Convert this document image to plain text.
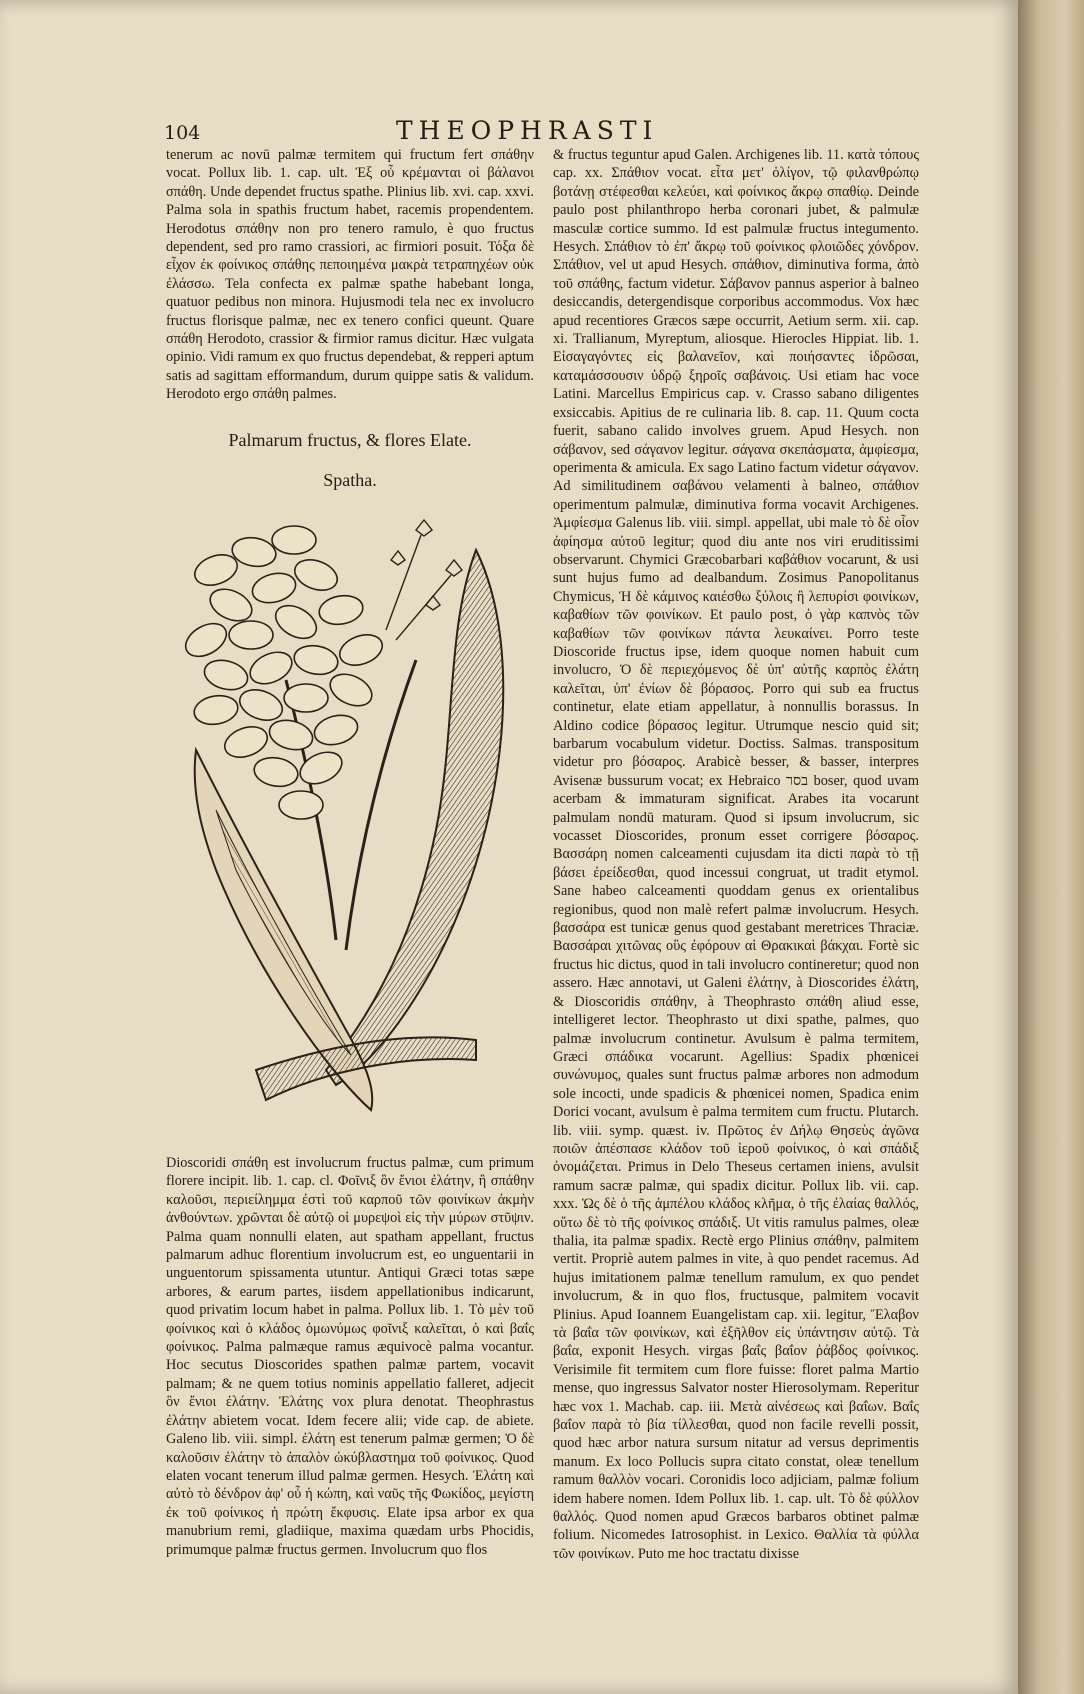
104	THEOPHRASTI

tenerum ac novū palmæ termitem qui fructum fert σπάθην vocat. Pollux lib. 1. cap. ult. Ἐξ οὗ κρέμανται οἱ βάλανοι σπάθη. Unde dependet fructus spathe. Plinius lib. xvi. cap. xxvi. Palma sola in spathis fructum habet, racemis propendentem. Herodotus σπάθην non pro tenero ramulo, è quo fructus dependent, sed pro ramo crassiori, ac firmiori posuit. Τόξα δὲ εἶχον ἐκ φοίνικος σπάθης πεποιημένα μακρὰ τετραπηχέων οὐκ ἐλάσσω. Tela confecta ex palmæ spathe habebant longa, quatuor pedibus non minora. Hujusmodi tela nec ex involucro fructus florisque palmæ, nec ex tenero confici queunt. Quare σπάθη Herodoto, crassior & firmior ramus dicitur. Hæc vulgata opinio. Vidi ramum ex quo fructus dependebat, & repperi aptum satis ad sagittam efformandum, durum quippe satis & validum. Herodoto ergo σπάθη palmes.

Palmarum fructus, & flores Elate.
Spatha.

Dioscoridi σπάθη est involucrum fructus palmæ, cum primum florere incipit. lib. 1. cap. cl. Φοῖνιξ ὃν ἔνιοι ἐλάτην, ἢ σπάθην καλοῦσι, περιείλημμα ἐστὶ τοῦ καρποῦ τῶν φοινίκων ἀκμὴν ἀνθούντων. χρῶνται δὲ αὐτῷ οἱ μυρεψοὶ εἰς τὴν μύρων στῦψιν. Palma quam nonnulli elaten, aut spatham appellant, fructus palmarum adhuc florentium involucrum est, eo unguentarii in unguentorum spissamenta utuntur. Antiqui Græci totas sæpe arbores, & earum partes, iisdem appellationibus indicarunt, quod privatim locum habet in palma. Pollux lib. 1. Τὸ μὲν τοῦ φοίνικος καὶ ὁ κλάδος ὁμωνύμως φοῖνιξ καλεῖται, ὁ καὶ βαΐς φοίνικος. Palma palmæque ramus æquivocè palma vocantur. Hoc secutus Dioscorides spathen palmæ partem, vocavit palmam; & ne quem totius nominis appellatio falleret, adjecit ὃν ἔνιοι ἐλάτην. Ἐλάτης vox plura denotat. Theophrastus ἐλάτην abietem vocat. Idem fecere alii; vide cap. de abiete. Galeno lib. viii. simpl. ἐλάτη est tenerum palmæ germen; Ὁ δὲ καλοῦσιν ἐλάτην τὸ ἀπαλὸν ὠκύβλαστημα τοῦ φοίνικος. Quod elaten vocant tenerum illud palmæ germen. Hesych. Ἐλάτη καὶ αὐτὸ τὸ δένδρον ἀφ' οὗ ἡ κώπη, καὶ ναῦς τῆς Φωκίδος, μεγίστη ἐκ τοῦ φοίνικος ἡ πρώτη ἔκφυσις. Elate ipsa arbor ex qua manubrium remi, gladiique, maxima quædam urbs Phocidis, primumque palmæ fructus germen. Involucrum quo flos

& fructus teguntur apud Galen. Archigenes lib. 11. κατὰ τόπους cap. xx. Σπάθιον vocat. εἶτα μετ' ὀλίγον, τῷ φιλανθρώπῳ βοτάνῃ στέφεσθαι κελεύει, καὶ φοίνικος ἄκρῳ σπαθίῳ. Deinde paulo post philanthropo herba coronari jubet, & palmulæ masculæ cortice summo. Id est palmulæ fructus integumento. Hesych. Σπάθιον τὸ ἐπ' ἄκρῳ τοῦ φοίνικος φλοιῶδες χόνδρον. Σπάθιον, vel ut apud Hesych. σπάθιον, diminutiva forma, ἀπὸ τοῦ σπάθης, factum videtur. Σάβανον pannus asperior à balneo desiccandis, detergendisque corporibus accommodus. Vox hæc apud recentiores Græcos sæpe occurrit, Aetium serm. xii. cap. xi. Trallianum, Myreptum, aliosque. Hierocles Hippiat. lib. 1. Εἰσαγαγόντες εἰς βαλανεῖον, καὶ ποιήσαντες ἱδρῶσαι, καταμάσσουσιν ὑδρῷ ξηροῖς σαβάνοις. Usi etiam hac voce Latini. Marcellus Empiricus cap. v. Crasso sabano diligentes exsiccabis. Apitius de re culinaria lib. 8. cap. 11. Quum cocta fuerit, sabano calido involves gruem. Apud Hesych. non σάβανον, sed σάγανον legitur. σάγανα σκεπάσματα, ἀμφίεσμα, operimenta & amicula. Ex sago Latino factum videtur σάγανον. Ad similitudinem σαβάνου velamenti à balneo, σπάθιον operimentum palmulæ, diminutiva forma vocavit Archigenes. Ἀμφίεσμα Galenus lib. viii. simpl. appellat, ubi male τὸ δὲ οἷον ἀφίησμα αὐτοῦ legitur; quod diu ante nos viri eruditissimi observarunt. Chymici Græcobarbari καβάθιον vocarunt, & usi sunt hujus fumo ad dealbandum. Zosimus Panopolitanus Chymicus, Ἡ δὲ κάμινος καιέσθω ξύλοις ἢ λεπυρίσι φοινίκων, καβαθίων τῶν φοινίκων. Et paulo post, ὁ γὰρ καπνὸς τῶν καβαθίων τῶν φοινίκων πάντα λευκαίνει. Porro teste Dioscoride fructus ipse, idem quoque nomen habuit cum involucro, Ὁ δὲ περιεχόμενος δὲ ὑπ' αὐτῆς καρπὸς ἐλάτη καλεῖται, ὑπ' ἐνίων δὲ βόρασος. Porro qui sub ea fructus continetur, elate etiam appellatur, à nonnullis borassus. In Aldino codice βόρασος legitur. Utrumque nescio quid sit; barbarum vocabulum videtur. Doctiss. Salmas. transpositum videtur pro βόσαρος. Arabicè besser, & basser, interpres Avisenæ bussurum vocat; ex Hebraico בסר boser, quod uvam acerbam & immaturam significat. Arabes ita vocarunt palmulam nondū maturam. Quod si ipsum involucrum, sic vocasset Dioscorides, pronum esset corrigere βόσαρος. Βασσάρη nomen calceamenti cujusdam ita dicti παρὰ τὸ τῇ βάσει ἐρείδεσθαι, quod incessui congruat, ut tradit etymol. Sane habeo calceamenti quoddam genus ex orientalibus regionibus, quod non malè refert palmæ involucrum. Hesych. βασσάρα est tunicæ genus quod gestabant meretrices Thraciæ. Βασσάραι χιτῶνας οὓς ἐφόρουν αἱ Θρακικαὶ βάκχαι. Fortè sic fructus hic dictus, quod in tali involucro contineretur; quod non assero. Hæc annotavi, ut Galeni ἐλάτην, à Dioscorides ἐλάτη, & Dioscoridis σπάθην, à Theophrasto σπάθη aliud esse, intelligeret lector. Theophrasto ut dixi spathe, palmes, quo palmæ involucrum continetur. Avulsum è palma termitem, Græci σπάδικα vocarunt. Agellius: Spadix phœnicei συνώνυμος, quales sunt fructus palmæ arbores non admodum sole incocti, unde spadicis & phœnicei nomen, Spadica enim Dorici vocant, avulsum è palma termitem cum fructu. Plutarch. lib. viii. symp. quæst. iv. Πρῶτος ἐν Δήλῳ Θησεὺς ἀγῶνα ποιῶν ἀπέσπασε κλάδον τοῦ ἱεροῦ φοίνικος, ὁ καὶ σπάδιξ ὀνομάζεται. Primus in Delo Theseus certamen iniens, avulsit ramum sacræ palmæ, qui spadix dicitur. Pollux lib. vii. cap. xxx. Ὡς δὲ ὁ τῆς ἀμπέλου κλάδος κλῆμα, ὁ τῆς ἐλαίας θαλλός, οὕτω δὲ τὸ τῆς φοίνικος σπάδιξ. Ut vitis ramulus palmes, oleæ thalia, ita palmæ spadix. Rectè ergo Plinius σπάθην, palmitem vertit. Propriè autem palmes in vite, à quo pendet racemus. Ad hujus imitationem palmæ tenellum ramulum, ex quo pendet involucrum, & in quo flos, fructusque, palmitem vocavit Plinius. Apud Ioannem Euangelistam cap. xii. legitur, Ἔλαβον τὰ βαΐα τῶν φοινίκων, καὶ ἐξῆλθον εἰς ὑπάντησιν αὐτῷ. Τὰ βαΐα, exponit Hesych. virgas βαΐς βαΐον ῥάβδος φοίνικος. Verisimile fit termitem cum flore fuisse: floret palma Martio mense, quo ingressus Salvator noster Hierosolymam. Reperitur hæc vox 1. Machab. cap. iii. Μετὰ αἰνέσεως καὶ βαΐων. Βαΐς βαΐον παρὰ τὸ βία τίλλεσθαι, quod non facile revelli possit, quod hæc arbor natura sursum nitatur ad versus deprimentis manum. Ex loco Pollucis supra citato constat, oleæ tenellum ramum θαλλὸν vocari. Coronidis loco adjiciam, palmæ folium idem habere nomen. Idem Pollux lib. 1. cap. ult. Τὸ δὲ φύλλον θαλλός. Quod nomen apud Græcos barbaros obtinet palmæ folium. Nicomedes Iatrosophist. in Lexico. Θαλλία τὰ φύλλα τῶν φοινίκων. Puto me hoc tractatu dixisse
